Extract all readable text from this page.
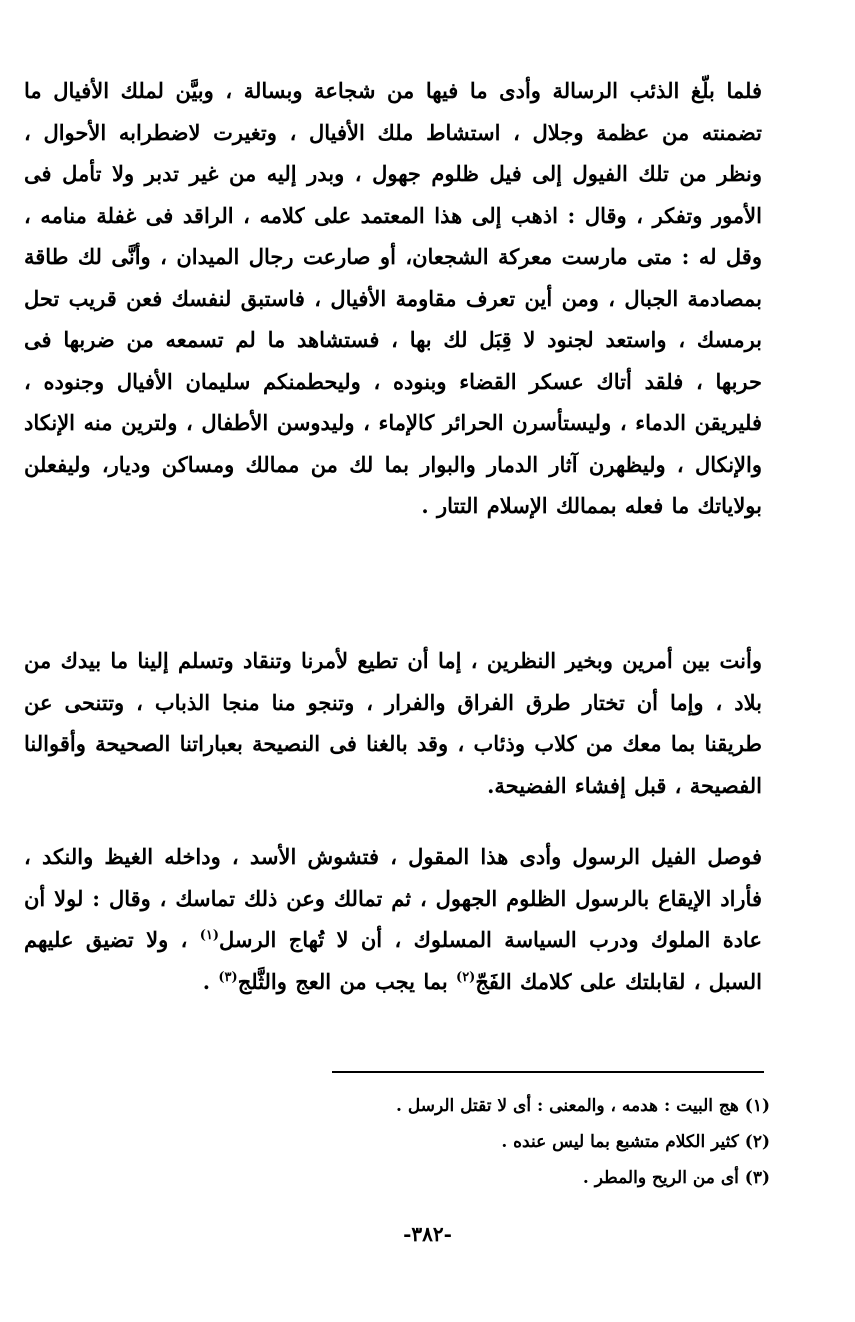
فلما بلّغ الذئب الرسالة وأدى ما فيها من شجاعة وبسالة ، وبيَّن لملك الأفيال ما تضمنته من عظمة وجلال ، استشاط ملك الأفيال ، وتغيرت لاضطرابه الأحوال ، ونظر من تلك الفيول إلى فيل ظلوم جهول ، وبدر إليه من غير تدبر ولا تأمل فى الأمور وتفكر ، وقال : اذهب إلى هذا المعتمد على كلامه ، الراقد فى غفلة منامه ، وقل له : متى مارست معركة الشجعان، أو صارعت رجال الميدان ، وأنَّى لك طاقة بمصادمة الجبال ، ومن أين تعرف مقاومة الأفيال ، فاستبق لنفسك فعن قريب تحل برمسك ، واستعد لجنود لا قِبَل لك بها ، فستشاهد ما لم تسمعه من ضربها فى حربها ، فلقد أتاك عسكر القضاء وبنوده ، وليحطمنكم سليمان الأفيال وجنوده ، فليريقن الدماء ، وليستأسرن الحرائر كالإماء ، وليدوسن الأطفال ، ولترين منه الإنكاد والإنكال ، وليظهرن آثار الدمار والبوار بما لك من ممالك ومساكن وديار، وليفعلن بولاياتك ما فعله بممالك الإسلام التتار .

وأنت بين أمرين وبخير النظرين ، إما أن تطيع لأمرنا وتنقاد وتسلم إلينا ما بيدك من بلاد ، وإما أن تختار طرق الفراق والفرار ، وتنجو منا منجا الذباب ، وتتنحى عن طريقنا بما معك من كلاب وذئاب ، وقد بالغنا فى النصيحة بعباراتنا الصحيحة وأقوالنا الفصيحة ، قبل إفشاء الفضيحة.

فوصل الفيل الرسول وأدى هذا المقول ، فتشوش الأسد ، وداخله الغيظ والنكد ، فأراد الإيقاع بالرسول الظلوم الجهول ، ثم تمالك وعن ذلك تماسك ، وقال : لولا أن عادة الملوك ودرب السياسة المسلوك ، أن لا تُهاج الرسل$^{(١)}$ ، ولا تضيق عليهم السبل ، لقابلتك على كلامك الفَجّ$^{(٢)}$ بما يجب من العج والثَّلج$^{(٣)}$ .

(١) هج البيت : هدمه ، والمعنى : أى لا تقتل الرسل .
(٢) كثير الكلام متشبع بما ليس عنده .
(٣) أى من الريح والمطر .
-٣٨٢-
